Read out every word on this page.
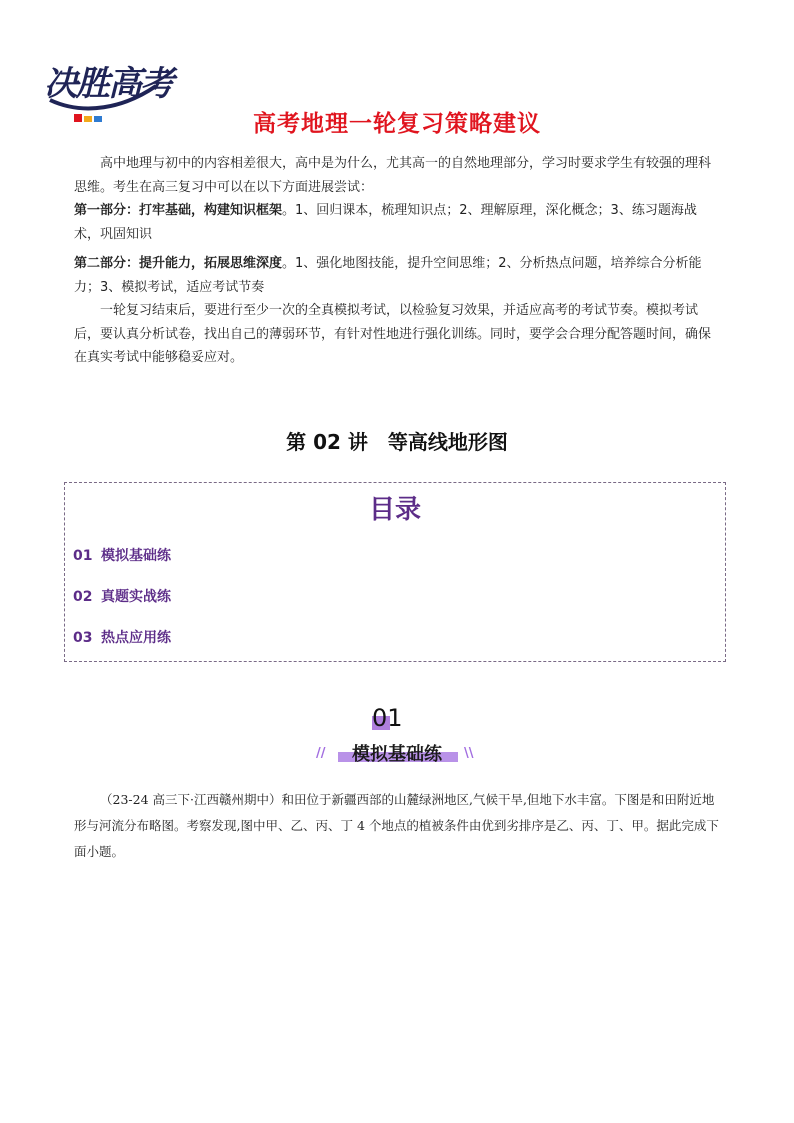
决胜高考
高考地理一轮复习策略建议

高中地理与初中的内容相差很大，高中是为什么，尤其高一的自然地理部分，学习时要求学生有较强的理科思维。考生在高三复习中可以在以下方面进展尝试：

第一部分：打牢基础，构建知识框架。1、回归课本，梳理知识点；2、理解原理，深化概念；3、练习题海战术，巩固知识

第二部分：提升能力，拓展思维深度。1、强化地图技能，提升空间思维；2、分析热点问题，培养综合分析能力；3、模拟考试，适应考试节奏

一轮复习结束后，要进行至少一次的全真模拟考试，以检验复习效果，并适应高考的考试节奏。模拟考试后，要认真分析试卷，找出自己的薄弱环节，有针对性地进行强化训练。同时，要学会合理分配答题时间，确保在真实考试中能够稳妥应对。

第 02 讲　等高线地形图
目录
01 模拟基础练
02 真题实战练
03 热点应用练
01
//	模拟基础练	\\

（23-24 高三下·江西赣州期中）和田位于新疆西部的山麓绿洲地区,气候干旱,但地下水丰富。下图是和田附近地形与河流分布略图。考察发现,图中甲、乙、丙、丁 4 个地点的植被条件由优到劣排序是乙、丙、丁、甲。据此完成下面小题。
